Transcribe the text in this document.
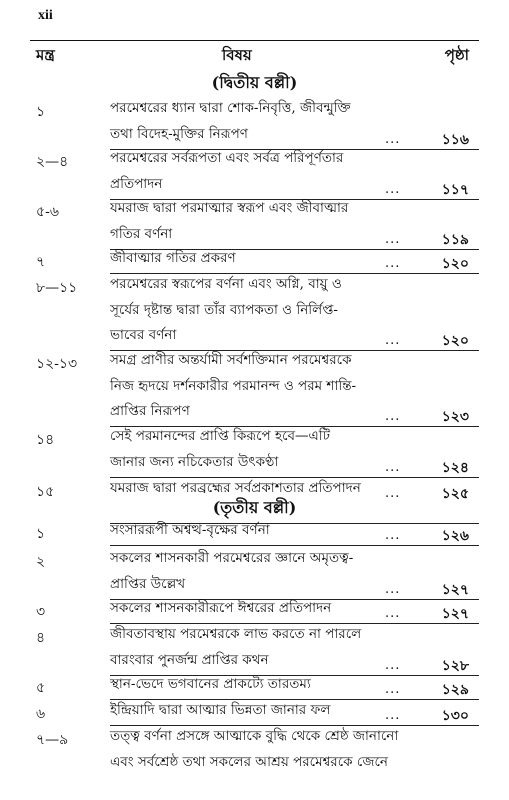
xii
মন্ত্র	বিষয়	পৃষ্ঠা
(দ্বিতীয় বল্লী)
(তৃতীয় বল্লী)
১	পরমেশ্বরের ধ্যান দ্বারা শোক-নিবৃত্তি, জীবন্মুক্তি
তথা বিদেহ-মুক্তির নিরূপণ	...	১১৬
২—৪	পরমেশ্বরের সর্বরূপতা এবং সর্বত্র পরিপূর্ণতার
প্রতিপাদন	...	১১৭
৫-৬	যমরাজ দ্বারা পরমাত্মার স্বরূপ এবং জীবাত্মার
গতির বর্ণনা	...	১১৯
৭	জীবাত্মার গতির প্রকরণ	...	১২০
৮—১১ পরমেশ্বরের স্বরূপের বর্ণনা এবং অগ্নি, বায়ু ও
সূর্যের দৃষ্টান্ত দ্বারা তাঁর ব্যাপকতা ও নির্লিপ্ত-
ভাবের বর্ণনা	...	১২০
১২-১৩ সমগ্র প্রাণীর অন্তর্যামী সর্বশক্তিমান পরমেশ্বরকে
নিজ হৃদয়ে দর্শনকারীর পরমানন্দ ও পরম শান্তি-
প্রাপ্তির নিরূপণ	...	১২৩
১৪	সেই পরমানন্দের প্রাপ্তি কিরূপে হবে—এটি
জানার জন্য নচিকেতার উৎকণ্ঠা	...	১২৪
১৫	যমরাজ দ্বারা পরব্রহ্মের সর্বপ্রকাশতার প্রতিপাদন	...	১২৫
১	সংসাররূপী অশ্বত্থ-বৃক্ষের বর্ণনা	...	১২৬
২	সকলের শাসনকারী পরমেশ্বরের জ্ঞানে অমৃতত্ব-
প্রাপ্তির উল্লেখ	...	১২৭
৩	সকলের শাসনকারীরূপে ঈশ্বরের প্রতিপাদন	...	১২৭
৪	জীবতাবস্থায় পরমেশ্বরকে লাভ করতে না পারলে
বারংবার পুনর্জন্ম প্রাপ্তির কথন	...	১২৮
৫	স্থান-ভেদে ভগবানের প্রাকট্যে তারতম্য	...	১২৯
৬	ইন্দ্রিয়াদি দ্বারা আত্মার ভিন্নতা জানার ফল	...	১৩০
৭—৯	তত্ত্ব বর্ণনা প্রসঙ্গে আত্মাকে বুদ্ধি থেকে শ্রেষ্ঠ জানানো
এবং সর্বশ্রেষ্ঠ তথা সকলের আশ্রয় পরমেশ্বরকে জেনে
